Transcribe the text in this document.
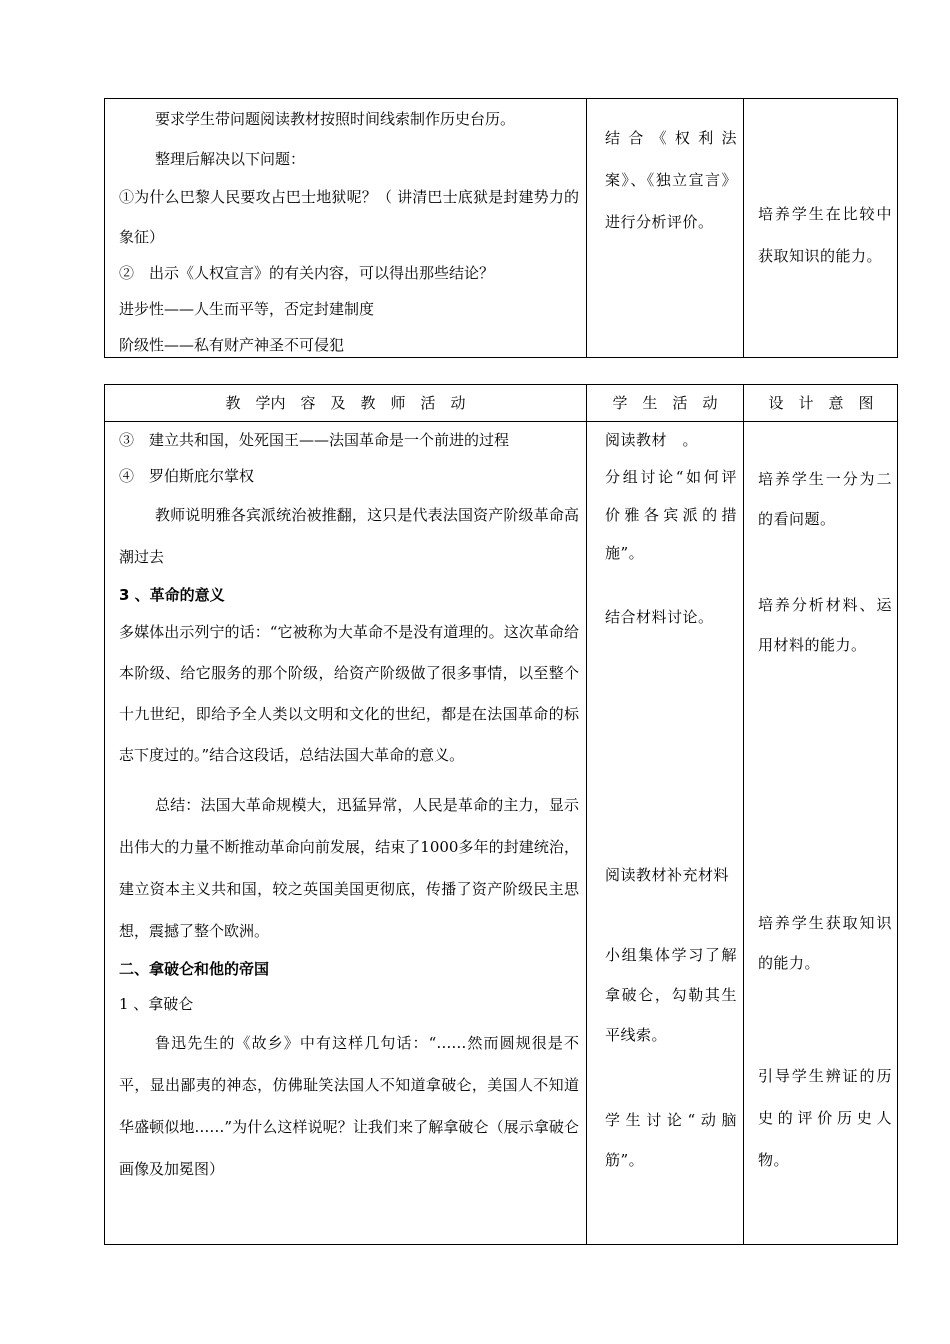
要求学生带问题阅读教材按照时间线索制作历史台历。

整理后解决以下问题：

①为什么巴黎人民要攻占巴士地狱呢？（ 讲清巴士底狱是封建势力的象征）

②　出示《人权宣言》的有关内容，可以得出那些结论？

进步性——人生而平等，否定封建制度

阶级性——私有财产神圣不可侵犯

结合《权利法案》、《独立宣言》进行分析评价。	培养学生在比较中获取知识的能力。
教　学内　容　及　教　师　活　动

③　建立共和国，处死国王——法国革命是一个前进的过程

④　罗伯斯庇尔掌权

教师说明雅各宾派统治被推翻，这只是代表法国资产阶级革命高潮过去

3 、革命的意义

多媒体出示列宁的话：“它被称为大革命不是没有道理的。这次革命给本阶级、给它服务的那个阶级，给资产阶级做了很多事情，以至整个十九世纪，即给予全人类以文明和文化的世纪，都是在法国革命的标志下度过的。”结合这段话，总结法国大革命的意义。

总结：法国大革命规模大，迅猛异常，人民是革命的主力，显示出伟大的力量不断推动革命向前发展，结束了1000多年的封建统治，建立资本主义共和国，较之英国美国更彻底，传播了资产阶级民主思想，震撼了整个欧洲。

二、拿破仑和他的帝国

1 、拿破仑

鲁迅先生的《故乡》中有这样几句话：“……然而圆规很是不平，显出鄙夷的神态，仿佛耻笑法国人不知道拿破仑，美国人不知道华盛顿似地……”为什么这样说呢？让我们来了解拿破仑（展示拿破仑画像及加冕图）

学　生　活　动
阅读教材　。
分组讨论“如何评价雅各宾派的措施”。
结合材料讨论。
阅读教材补充材料
小组集体学习了解拿破仑，勾勒其生平线索。
学生讨论“动脑筋”。
设　计　意　图
培养学生一分为二的看问题。
培养分析材料、运用材料的能力。
培养学生获取知识的能力。
引导学生辨证的历史的评价历史人物。
